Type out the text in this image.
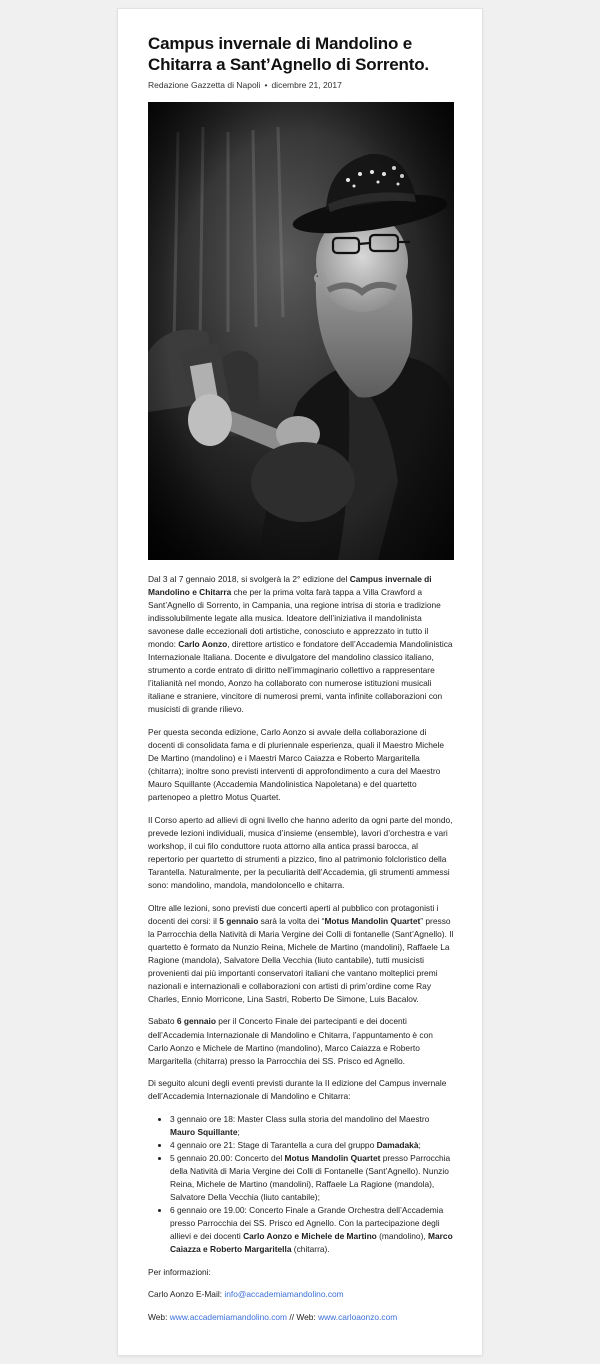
Campus invernale di Mandolino e Chitarra a Sant’Agnello di Sorrento.
Redazione Gazzetta di Napoli • dicembre 21, 2017

Dal 3 al 7 gennaio 2018, si svolgerà la 2° edizione del Campus invernale di Mandolino e Chitarra che per la prima volta farà tappa a Villa Crawford a Sant’Agnello di Sorrento, in Campania, una regione intrisa di storia e tradizione indissolubilmente legate alla musica. Ideatore dell’iniziativa il mandolinista savonese dalle eccezionali doti artistiche, conosciuto e apprezzato in tutto il mondo: Carlo Aonzo, direttore artistico e fondatore dell’Accademia Mandolinistica Internazionale Italiana. Docente e divulgatore del mandolino classico italiano, strumento a corde entrato di diritto nell’immaginario collettivo a rappresentare l’italianità nel mondo, Aonzo ha collaborato con numerose istituzioni musicali italiane e straniere, vincitore di numerosi premi, vanta infinite collaborazioni con musicisti di grande rilievo.

Per questa seconda edizione, Carlo Aonzo si avvale della collaborazione di docenti di consolidata fama e di pluriennale esperienza, quali il Maestro Michele De Martino (mandolino) e i Maestri Marco Caiazza e Roberto Margaritella (chitarra); inoltre sono previsti interventi di approfondimento a cura del Maestro Mauro Squillante (Accademia Mandolinistica Napoletana) e del quartetto partenopeo a plettro Motus Quartet.

Il Corso aperto ad allievi di ogni livello che hanno aderito da ogni parte del mondo, prevede lezioni individuali, musica d’insieme (ensemble), lavori d’orchestra e vari workshop, il cui filo conduttore ruota attorno alla antica prassi barocca, al repertorio per quartetto di strumenti a pizzico, fino al patrimonio folcloristico della Tarantella. Naturalmente, per la peculiarità dell’Accademia, gli strumenti ammessi sono: mandolino, mandola, mandoloncello e chitarra.

Oltre alle lezioni, sono previsti due concerti aperti al pubblico con protagonisti i docenti dei corsi: il 5 gennaio sarà la volta dei “Motus Mandolin Quartet” presso la Parrocchia della Natività di Maria Vergine dei Colli di fontanelle (Sant’Agnello). Il quartetto è formato da Nunzio Reina, Michele de Martino (mandolini), Raffaele La Ragione (mandola), Salvatore Della Vecchia (liuto cantabile), tutti musicisti provenienti dai più importanti conservatori italiani che vantano molteplici premi nazionali e internazionali e collaborazioni con artisti di prim’ordine come Ray Charles, Ennio Morricone, Lina Sastri, Roberto De Simone, Luis Bacalov.

Sabato 6 gennaio per il Concerto Finale dei partecipanti e dei docenti dell’Accademia Internazionale di Mandolino e Chitarra, l’appuntamento è con Carlo Aonzo e Michele de Martino (mandolino), Marco Caiazza e Roberto Margaritella (chitarra) presso la Parrocchia dei SS. Prisco ed Agnello.

Di seguito alcuni degli eventi previsti durante la II edizione del Campus invernale dell’Accademia Internazionale di Mandolino e Chitarra:

• 3 gennaio ore 18: Master Class sulla storia del mandolino del Maestro Mauro Squillante;
• 4 gennaio ore 21: Stage di Tarantella a cura del gruppo Damadakà;
• 5 gennaio 20.00: Concerto del Motus Mandolin Quartet presso Parrocchia della Natività di Maria Vergine dei Colli di Fontanelle (Sant’Agnello). Nunzio Reina, Michele de Martino (mandolini), Raffaele La Ragione (mandola), Salvatore Della Vecchia (liuto cantabile);
• 6 gennaio ore 19.00: Concerto Finale a Grande Orchestra dell’Accademia presso Parrocchia dei SS. Prisco ed Agnello. Con la partecipazione degli allievi e dei docenti Carlo Aonzo e Michele de Martino (mandolino), Marco Caiazza e Roberto Margaritella (chitarra).

Per informazioni:

Carlo Aonzo E-Mail: info@accademiamandolino.com

Web: www.accademiamandolino.com // Web: www.carloaonzo.com
